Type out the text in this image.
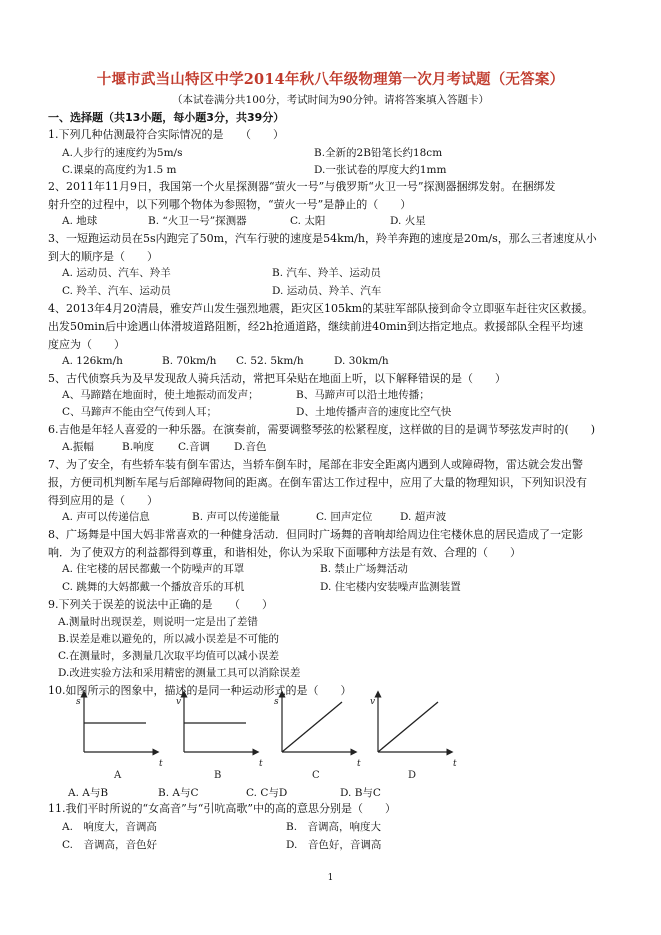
十堰市武当山特区中学2014年秋八年级物理第一次月考试题（无答案）
（本试卷满分共100分，考试时间为90分钟。请将答案填入答题卡）
一、选择题（共13小题，每小题3分，共39分）
1.下列几种估测最符合实际情况的是　　（　　）
A.人步行的速度约为5m/s	B.全新的2B铅笔长约18cm
C.课桌的高度约为1.5 m	D.一张试卷的厚度大约1mm
2、2011年11月9日，我国第一个火星探测器“萤火一号”与俄罗斯“火卫一号”探测器捆绑发射。在捆绑发
射升空的过程中，以下列哪个物体为参照物，“萤火一号”是静止的（　　）
A. 地球	B. “火卫一号”探测器	C. 太阳	D. 火星
3、一短跑运动员在5s内跑完了50m，汽车行驶的速度是54km/h，羚羊奔跑的速度是20m/s，那么三者速度从小
到大的顺序是（　　）
A. 运动员、汽车、羚羊	B. 汽车、羚羊、运动员
C. 羚羊、汽车、运动员	D. 运动员、羚羊、汽车
4、2013年4月20清晨，雅安芦山发生强烈地震，距灾区105km的某驻军部队接到命令立即驱车赶往灾区救援。
出发50min后中途遇山体滑坡道路阻断，经2h抢通道路，继续前进40min到达指定地点。救援部队全程平均速
度应为（　　）
A. 126km/h	B. 70km/h C. 52. 5km/h	D. 30km/h
5、古代侦察兵为及早发现敌人骑兵活动，常把耳朵贴在地面上听，以下解释错误的是（　　）
A、马蹄踏在地面时，使土地振动而发声；	B、马蹄声可以沿土地传播；
C、马蹄声不能由空气传到人耳；	D、土地传播声音的速度比空气快
6.吉他是年轻人喜爱的一种乐器。在演奏前，需要调整琴弦的松紧程度，这样做的目的是调节琴弦发声时的(　　)
A.振幅	B.响度 C.音调 D.音色
7、为了安全，有些轿车装有倒车雷达，当轿车倒车时，尾部在非安全距离内遇到人或障碍物，雷达就会发出警
报，方便司机判断车尾与后部障碍物间的距离。在倒车雷达工作过程中，应用了大量的物理知识，下列知识没有
得到应用的是（　　）
A. 声可以传递信息	B. 声可以传递能量	C. 回声定位	D. 超声波
8、广场舞是中国大妈非常喜欢的一种健身活动．但同时广场舞的音响却给周边住宅楼休息的居民造成了一定影
响．为了使双方的利益都得到尊重，和谐相处，你认为采取下面哪种方法是有效、合理的（　　）
A. 住宅楼的居民都戴一个防噪声的耳罩	B. 禁止广场舞活动
C. 跳舞的大妈都戴一个播放音乐的耳机	D. 住宅楼内安装噪声监测装置
9.下列关于误差的说法中正确的是　　（　　）
A.测量时出现误差，则说明一定是出了差错
B.误差是难以避免的，所以减小误差是不可能的
C.在测量时，多测量几次取平均值可以减小误差
D.改进实验方法和采用精密的测量工具可以消除误差
10.如图所示的图象中，描述的是同一种运动形式的是（　　）
s
t
A
v
t
B
s
t
C
v
t
D
A. A与B	B. A与C	C. C与D	D. B与C
11.我们平时所说的“女高音”与“引吭高歌”中的高的意思分别是（　　）
A.　响度大，音调高	B.　音调高，响度大
C.　音调高，音色好	D.　音色好，音调高
1
